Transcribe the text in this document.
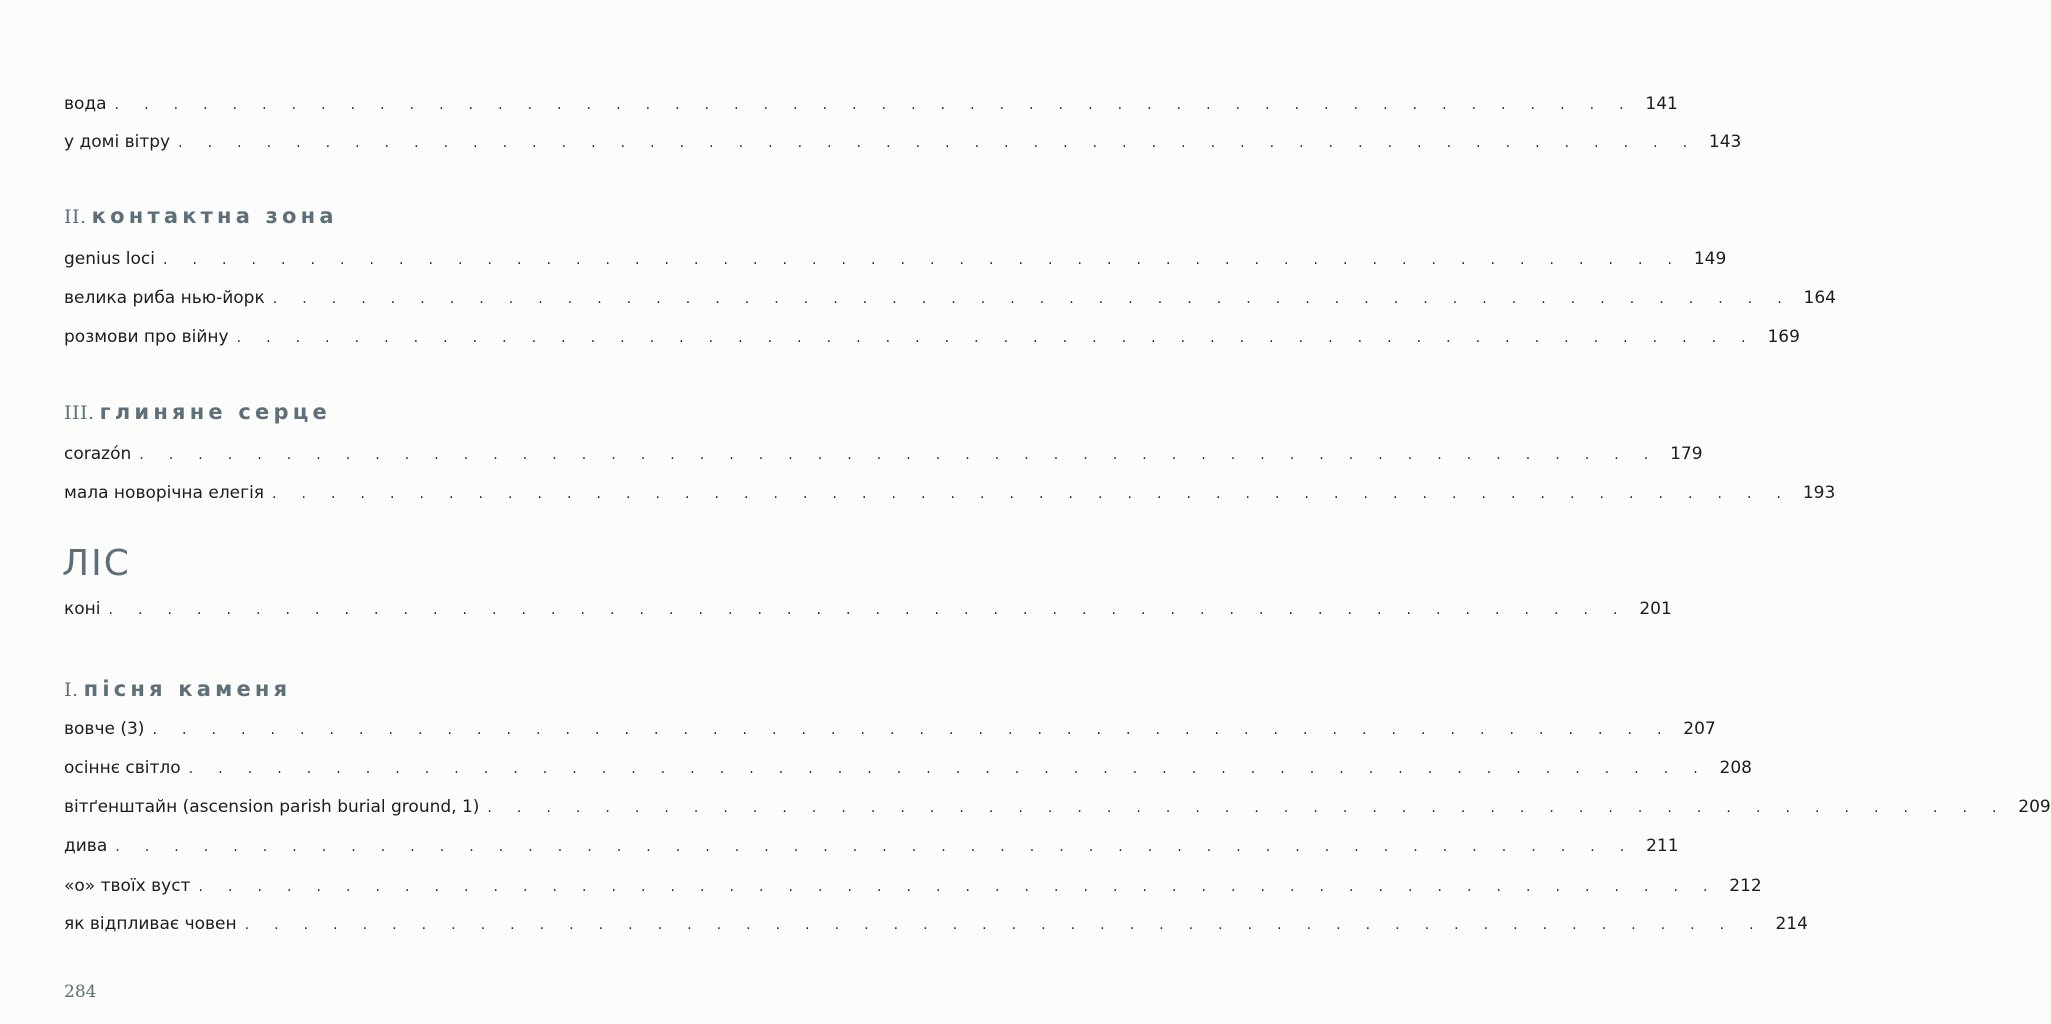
вода . . . . . . . . . . . . . . . . . . . . . . . . . . . . . . . . . . . . . . . . . . . . . . . . . . . . 141
у домі вітру . . . . . . . . . . . . . . . . . . . . . . . . . . . . . . . . . . . . . . . . . . . . . . . . . . . . 143
II. контактна зона
genius loci . . . . . . . . . . . . . . . . . . . . . . . . . . . . . . . . . . . . . . . . . . . . . . . . . . . . 149
велика риба нью-йорк . . . . . . . . . . . . . . . . . . . . . . . . . . . . . . . . . . . . . . . . . . . . . . . . . . . . 164
розмови про війну . . . . . . . . . . . . . . . . . . . . . . . . . . . . . . . . . . . . . . . . . . . . . . . . . . . . 169
III. глиняне серце
corazón . . . . . . . . . . . . . . . . . . . . . . . . . . . . . . . . . . . . . . . . . . . . . . . . . . . . 179
мала новорічна елегія . . . . . . . . . . . . . . . . . . . . . . . . . . . . . . . . . . . . . . . . . . . . . . . . . . . . 193
ЛІС
коні . . . . . . . . . . . . . . . . . . . . . . . . . . . . . . . . . . . . . . . . . . . . . . . . . . . . 201
I. пісня каменя
вовче (3) . . . . . . . . . . . . . . . . . . . . . . . . . . . . . . . . . . . . . . . . . . . . . . . . . . . . 207
осіннє світло . . . . . . . . . . . . . . . . . . . . . . . . . . . . . . . . . . . . . . . . . . . . . . . . . . . . 208
вітґенштайн (ascension parish burial ground, 1) . . . . . . . . . . . . . . . . . . . . . . . . . . . . . . . . . . . . . . . . . . . . . . . . . . . . 209
дива . . . . . . . . . . . . . . . . . . . . . . . . . . . . . . . . . . . . . . . . . . . . . . . . . . . . 211
«о» твоїх вуст . . . . . . . . . . . . . . . . . . . . . . . . . . . . . . . . . . . . . . . . . . . . . . . . . . . . 212
як відпливає човен . . . . . . . . . . . . . . . . . . . . . . . . . . . . . . . . . . . . . . . . . . . . . . . . . . . . 214
284
